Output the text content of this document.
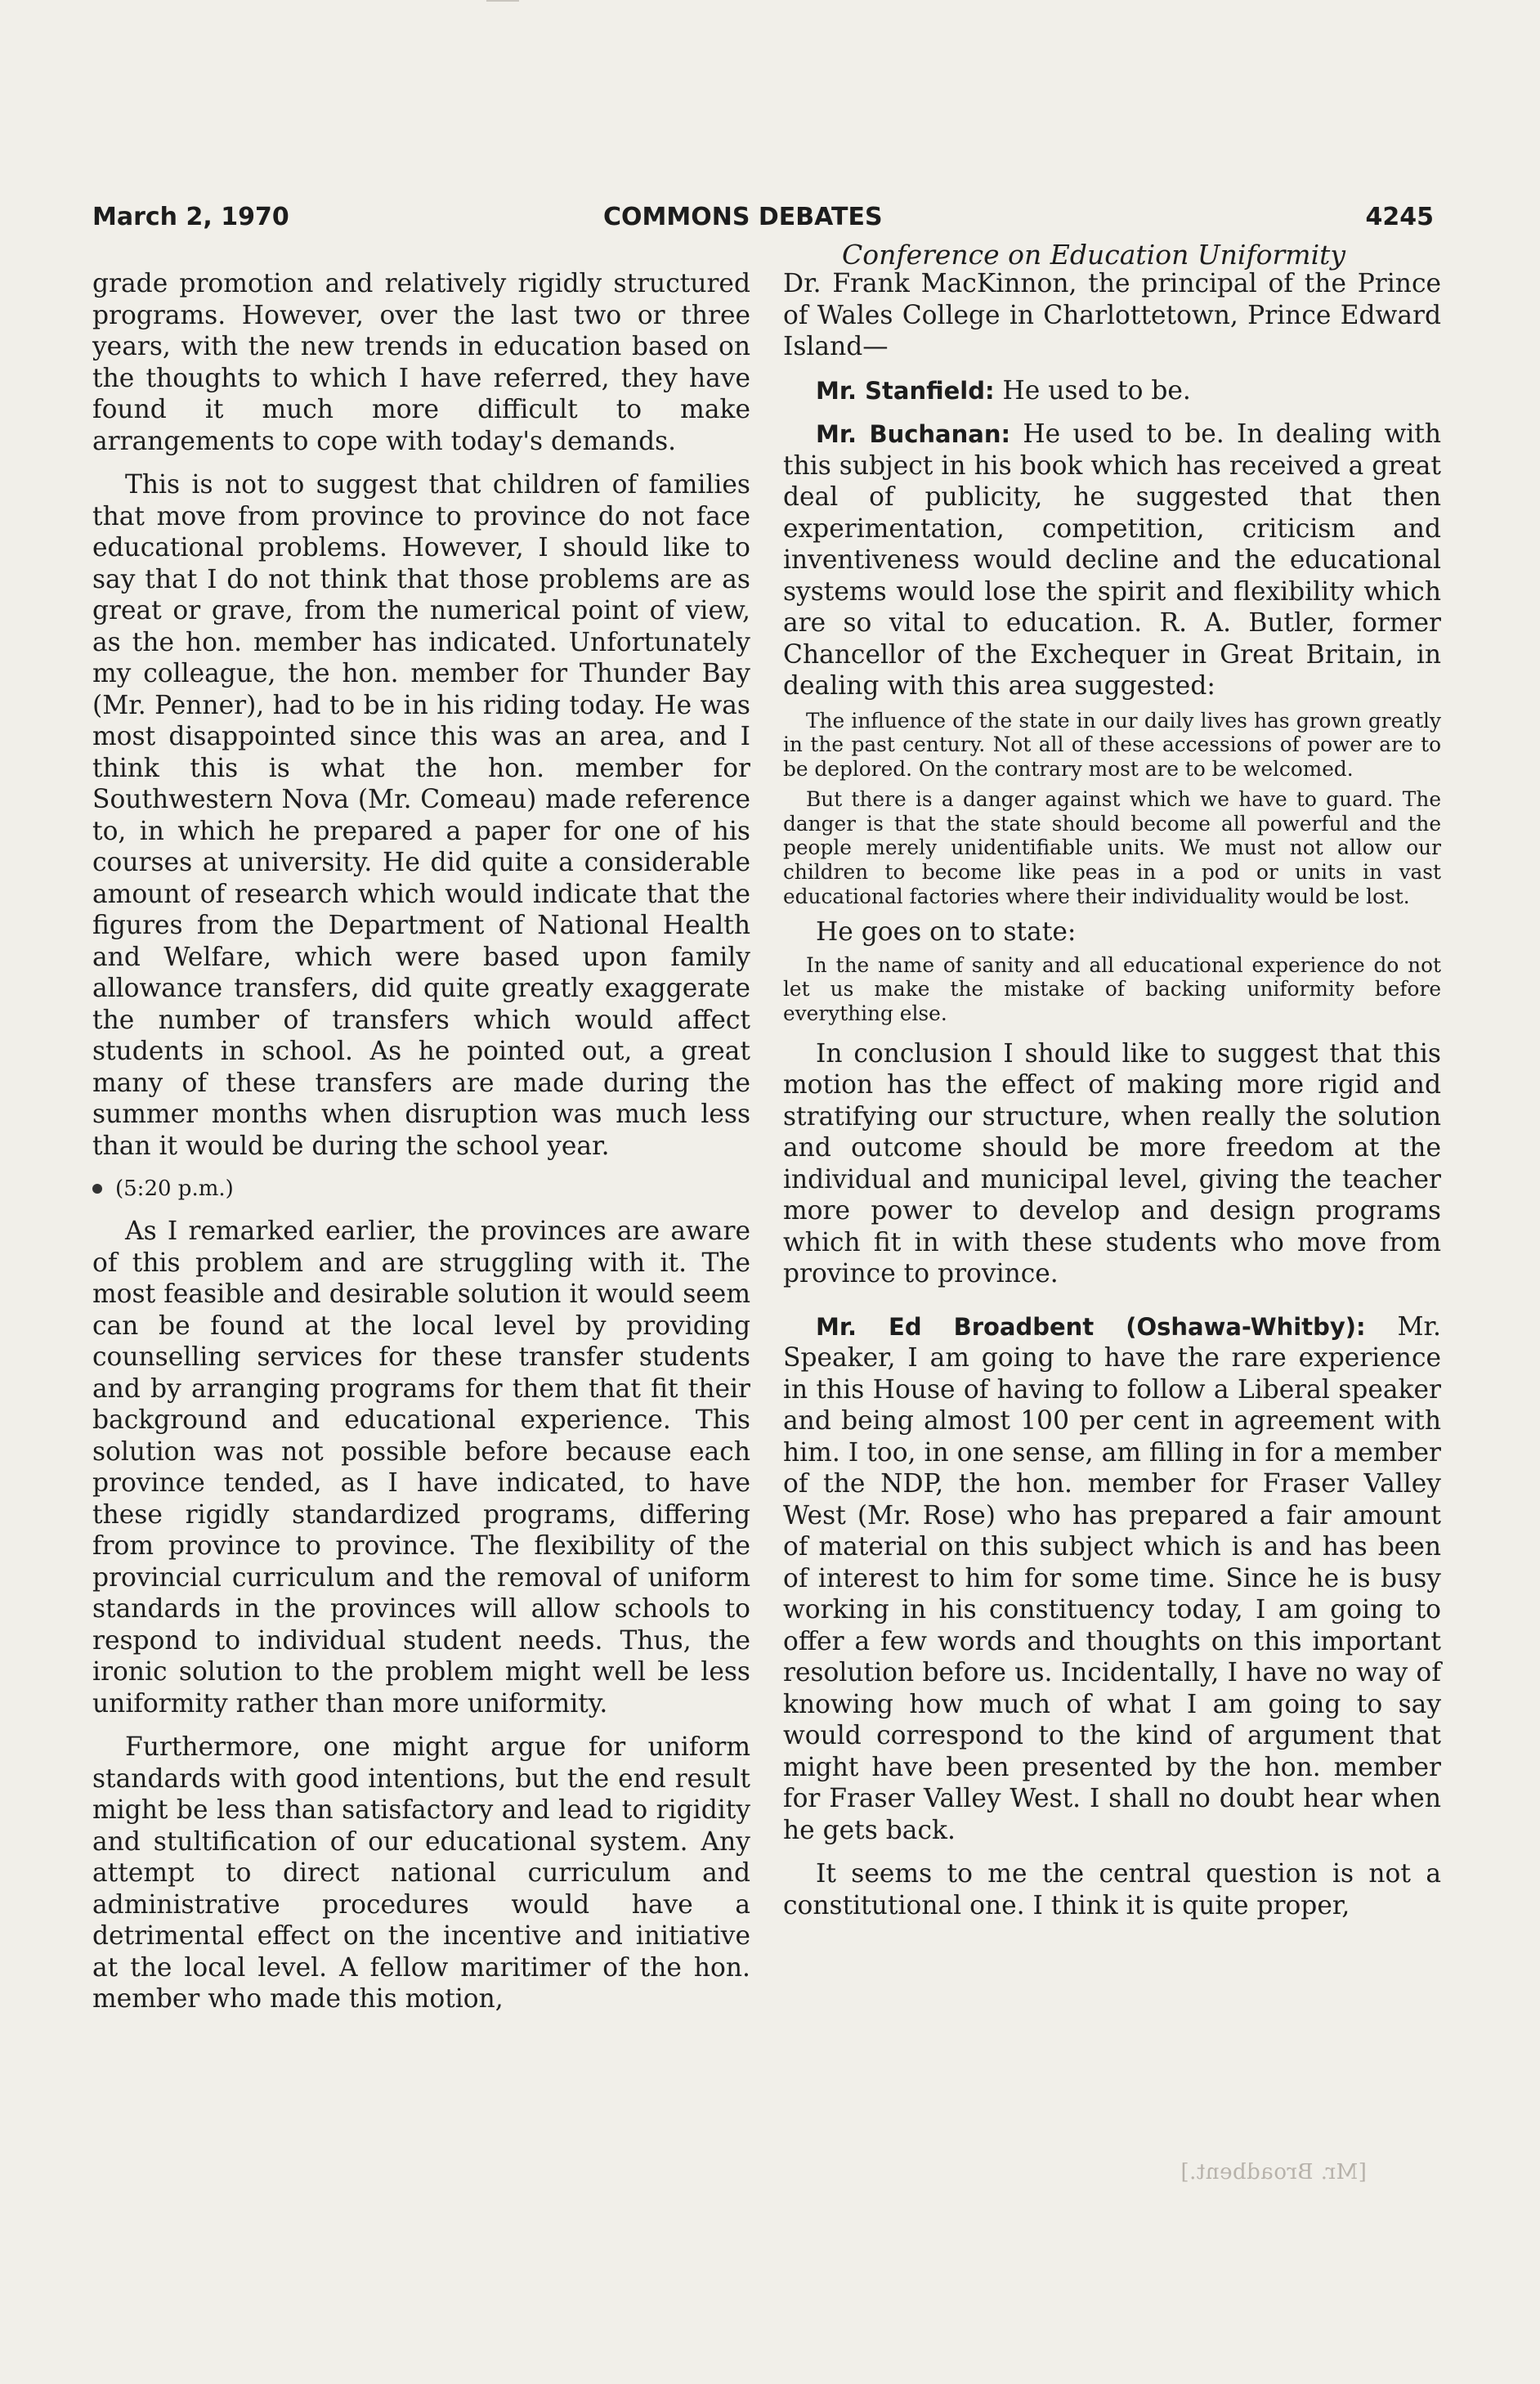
March 2, 1970	COMMONS DEBATES	4245
Conference on Education Uniformity

grade promotion and relatively rigidly structured programs. However, over the last two or three years, with the new trends in education based on the thoughts to which I have referred, they have found it much more difficult to make arrangements to cope with today's demands.

This is not to suggest that children of families that move from province to province do not face educational problems. However, I should like to say that I do not think that those problems are as great or grave, from the numerical point of view, as the hon. member has indicated. Unfortunately my colleague, the hon. member for Thunder Bay (Mr. Penner), had to be in his riding today. He was most disappointed since this was an area, and I think this is what the hon. member for Southwestern Nova (Mr. Comeau) made reference to, in which he prepared a paper for one of his courses at university. He did quite a considerable amount of research which would indicate that the figures from the Department of National Health and Welfare, which were based upon family allowance transfers, did quite greatly exaggerate the number of transfers which would affect students in school. As he pointed out, a great many of these transfers are made during the summer months when disruption was much less than it would be during the school year.

(5:20 p.m.)

As I remarked earlier, the provinces are aware of this problem and are struggling with it. The most feasible and desirable solution it would seem can be found at the local level by providing counselling services for these transfer students and by arranging programs for them that fit their background and educational experience. This solution was not possible before because each province tended, as I have indicated, to have these rigidly standardized programs, differing from province to province. The flexibility of the provincial curriculum and the removal of uniform standards in the provinces will allow schools to respond to individual student needs. Thus, the ironic solution to the problem might well be less uniformity rather than more uniformity.

Furthermore, one might argue for uniform standards with good intentions, but the end result might be less than satisfactory and lead to rigidity and stultification of our educational system. Any attempt to direct national curriculum and administrative procedures would have a detrimental effect on the incentive and initiative at the local level. A fellow maritimer of the hon. member who made this motion,

Dr. Frank MacKinnon, the principal of the Prince of Wales College in Charlottetown, Prince Edward Island—

Mr. Stanfield: He used to be.

Mr. Buchanan: He used to be. In dealing with this subject in his book which has received a great deal of publicity, he suggested that then experimentation, competition, criticism and inventiveness would decline and the educational systems would lose the spirit and flexibility which are so vital to education. R. A. Butler, former Chancellor of the Exchequer in Great Britain, in dealing with this area suggested:

The influence of the state in our daily lives has grown greatly in the past century. Not all of these accessions of power are to be deplored. On the contrary most are to be welcomed.

But there is a danger against which we have to guard. The danger is that the state should become all powerful and the people merely unidentifiable units. We must not allow our children to become like peas in a pod or units in vast educational factories where their individuality would be lost.

He goes on to state:

In the name of sanity and all educational experience do not let us make the mistake of backing uniformity before everything else.

In conclusion I should like to suggest that this motion has the effect of making more rigid and stratifying our structure, when really the solution and outcome should be more freedom at the individual and municipal level, giving the teacher more power to develop and design programs which fit in with these students who move from province to province.

Mr. Ed Broadbent (Oshawa-Whitby): Mr. Speaker, I am going to have the rare experience in this House of having to follow a Liberal speaker and being almost 100 per cent in agreement with him. I too, in one sense, am filling in for a member of the NDP, the hon. member for Fraser Valley West (Mr. Rose) who has prepared a fair amount of material on this subject which is and has been of interest to him for some time. Since he is busy working in his constituency today, I am going to offer a few words and thoughts on this important resolution before us. Incidentally, I have no way of knowing how much of what I am going to say would correspond to the kind of argument that might have been presented by the hon. member for Fraser Valley West. I shall no doubt hear when he gets back.

It seems to me the central question is not a constitutional one. I think it is quite proper,

[Mr. Broadbent.]
